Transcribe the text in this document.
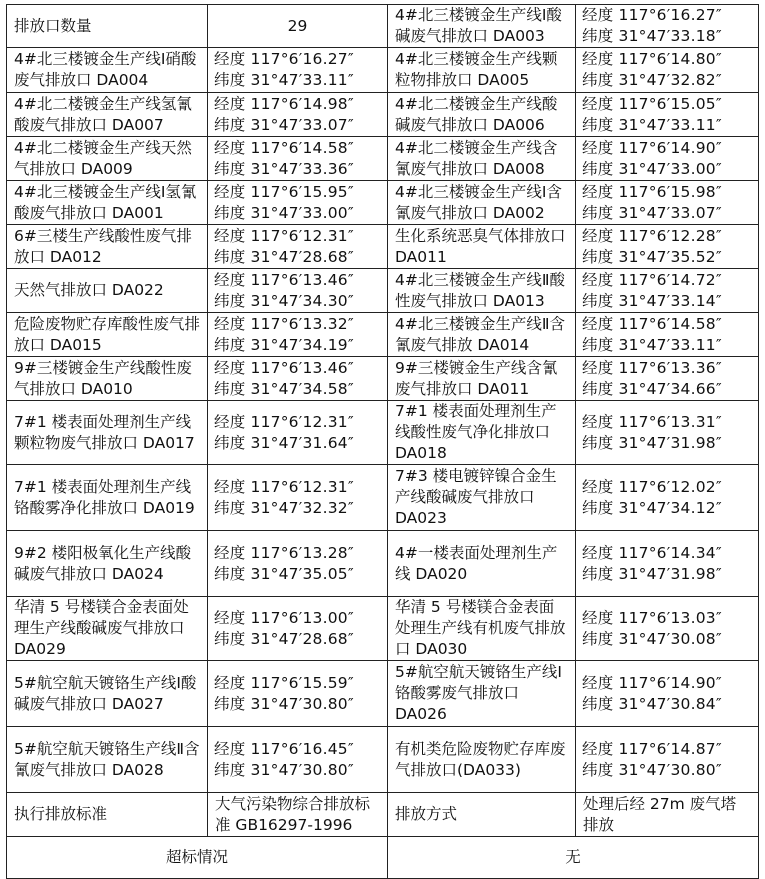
排放口数量	29	4#北三楼镀金生产线Ⅰ酸碱废气排放口 DA003	经度 117°6′16.27″
纬度 31°47′33.18″

4#北三楼镀金生产线Ⅰ硝酸废气排放口 DA004	经度 117°6′16.27″
纬度 31°47′33.11″	4#北三楼镀金生产线颗粒物排放口 DA005	经度 117°6′14.80″
纬度 31°47′32.82″

4#北二楼镀金生产线氢氰酸废气排放口 DA007	经度 117°6′14.98″
纬度 31°47′33.07″	4#北二楼镀金生产线酸碱废气排放口 DA006	经度 117°6′15.05″
纬度 31°47′33.11″

4#北二楼镀金生产线天然气排放口 DA009	经度 117°6′14.58″
纬度 31°47′33.36″	4#北二楼镀金生产线含氰废气排放口 DA008	经度 117°6′14.90″
纬度 31°47′33.00″

4#北三楼镀金生产线Ⅰ氢氰酸废气排放口 DA001	经度 117°6′15.95″
纬度 31°47′33.00″	4#北三楼镀金生产线Ⅰ含氰废气排放口 DA002	经度 117°6′15.98″
纬度 31°47′33.07″

6#三楼生产线酸性废气排放口 DA012	经度 117°6′12.31″
纬度 31°47′28.68″	生化系统恶臭气体排放口 DA011	经度 117°6′12.28″
纬度 31°47′35.52″

天然气排放口 DA022	经度 117°6′13.46″
纬度 31°47′34.30″	4#北三楼镀金生产线Ⅱ酸性废气排放口 DA013	经度 117°6′14.72″
纬度 31°47′33.14″

危险废物贮存库酸性废气排放口 DA015	经度 117°6′13.32″
纬度 31°47′34.19″	4#北三楼镀金生产线Ⅱ含氰废气排放 DA014	经度 117°6′14.58″
纬度 31°47′33.11″

9#三楼镀金生产线酸性废气排放口 DA010	经度 117°6′13.46″
纬度 31°47′34.58″	9#三楼镀金生产线含氰废气排放口 DA011	经度 117°6′13.36″
纬度 31°47′34.66″

7#1 楼表面处理剂生产线颗粒物废气排放口 DA017	经度 117°6′12.31″
纬度 31°47′31.64″	7#1 楼表面处理剂生产线酸性废气净化排放口 DA018	经度 117°6′13.31″
纬度 31°47′31.98″

7#1 楼表面处理剂生产线铬酸雾净化排放口 DA019	经度 117°6′12.31″
纬度 31°47′32.32″	7#3 楼电镀锌镍合金生产线酸碱废气排放口 DA023	经度 117°6′12.02″
纬度 31°47′34.12″

9#2 楼阳极氧化生产线酸碱废气排放口 DA024	经度 117°6′13.28″
纬度 31°47′35.05″	4#一楼表面处理剂生产线 DA020	经度 117°6′14.34″
纬度 31°47′31.98″

华清 5 号楼镁合金表面处理生产线酸碱废气排放口 DA029	经度 117°6′13.00″
纬度 31°47′28.68″	华清 5 号楼镁合金表面处理生产线有机废气排放口 DA030	经度 117°6′13.03″
纬度 31°47′30.08″

5#航空航天镀铬生产线Ⅰ酸碱废气排放口 DA027	经度 117°6′15.59″
纬度 31°47′30.80″	5#航空航天镀铬生产线Ⅰ铬酸雾废气排放口 DA026	经度 117°6′14.90″
纬度 31°47′30.84″

5#航空航天镀铬生产线Ⅱ含氰废气排放口 DA028	经度 117°6′16.45″
纬度 31°47′30.80″	有机类危险废物贮存库废气排放口(DA033)	经度 117°6′14.87″
纬度 31°47′30.80″

执行排放标准	大气污染物综合排放标准 GB16297-1996	排放方式	处理后经 27m 废气塔排放
超标情况		无	
